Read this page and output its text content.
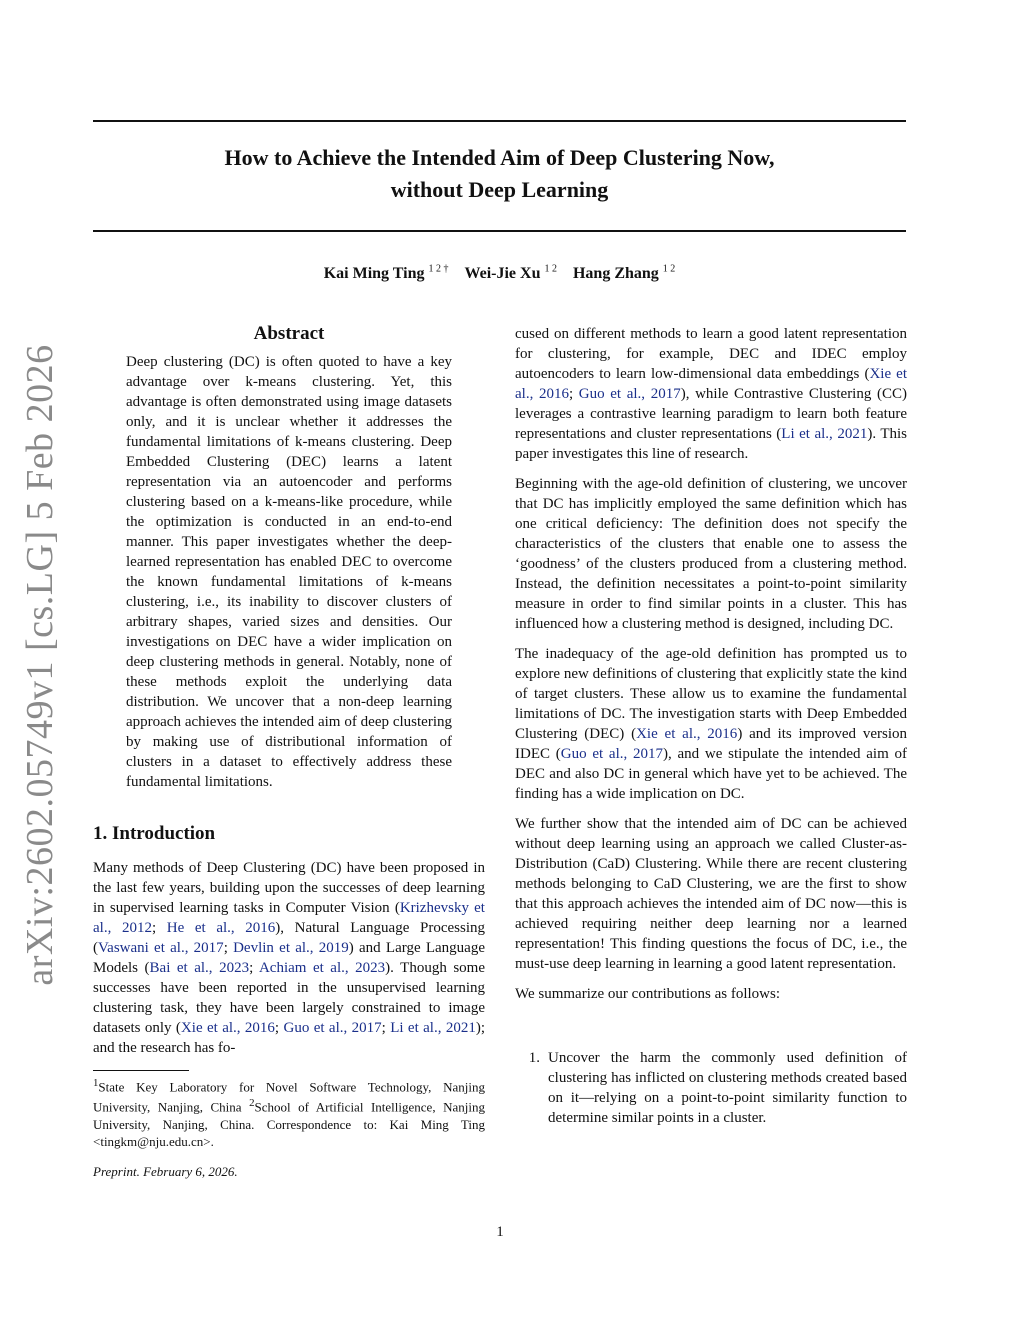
arXiv:2602.05749v1 [cs.LG] 5 Feb 2026
How to Achieve the Intended Aim of Deep Clustering Now,
without Deep Learning
Kai Ming Ting $^{1 2 \dagger}$ Wei-Jie Xu $^{1 2}$ Hang Zhang $^{1 2}$
Abstract

Deep clustering (DC) is often quoted to have a key advantage over k-means clustering. Yet, this advantage is often demonstrated using image datasets only, and it is unclear whether it addresses the fundamental limitations of k-means clustering. Deep Embedded Clustering (DEC) learns a latent representation via an autoencoder and performs clustering based on a k-means-like procedure, while the optimization is conducted in an end-to-end manner. This paper investigates whether the deep-learned representation has enabled DEC to overcome the known fundamental limitations of k-means clustering, i.e., its inability to discover clusters of arbitrary shapes, varied sizes and densities. Our investigations on DEC have a wider implication on deep clustering methods in general. Notably, none of these methods exploit the underlying data distribution. We uncover that a non-deep learning approach achieves the intended aim of deep clustering by making use of distributional information of clusters in a dataset to effectively address these fundamental limitations.

1. Introduction

Many methods of Deep Clustering (DC) have been proposed in the last few years, building upon the successes of deep learning in supervised learning tasks in Computer Vision (Krizhevsky et al., 2012; He et al., 2016), Natural Language Processing (Vaswani et al., 2017; Devlin et al., 2019) and Large Language Models (Bai et al., 2023; Achiam et al., 2023). Though some successes have been reported in the unsupervised learning clustering task, they have been largely constrained to image datasets only (Xie et al., 2016; Guo et al., 2017; Li et al., 2021); and the research has fo-

$^1$State Key Laboratory for Novel Software Technology, Nanjing University, Nanjing, China $^2$School of Artificial Intelligence, Nanjing University, Nanjing, China. Correspondence to: Kai Ming Ting <tingkm@nju.edu.cn>.

Preprint. February 6, 2026.

cused on different methods to learn a good latent representation for clustering, for example, DEC and IDEC employ autoencoders to learn low-dimensional data embeddings (Xie et al., 2016; Guo et al., 2017), while Contrastive Clustering (CC) leverages a contrastive learning paradigm to learn both feature representations and cluster representations (Li et al., 2021). This paper investigates this line of research.

Beginning with the age-old definition of clustering, we uncover that DC has implicitly employed the same definition which has one critical deficiency: The definition does not specify the characteristics of the clusters that enable one to assess the ‘goodness’ of the clusters produced from a clustering method. Instead, the definition necessitates a point-to-point similarity measure in order to find similar points in a cluster. This has influenced how a clustering method is designed, including DC.

The inadequacy of the age-old definition has prompted us to explore new definitions of clustering that explicitly state the kind of target clusters. These allow us to examine the fundamental limitations of DC. The investigation starts with Deep Embedded Clustering (DEC) (Xie et al., 2016) and its improved version IDEC (Guo et al., 2017), and we stipulate the intended aim of DEC and also DC in general which have yet to be achieved. The finding has a wide implication on DC.

We further show that the intended aim of DC can be achieved without deep learning using an approach we called Cluster-as-Distribution (CaD) Clustering. While there are recent clustering methods belonging to CaD Clustering, we are the first to show that this approach achieves the intended aim of DC now—this is achieved requiring neither deep learning nor a learned representation! This finding questions the focus of DC, i.e., the must-use deep learning in learning a good latent representation.

We summarize our contributions as follows:

1. Uncover the harm the commonly used definition of clustering has inflicted on clustering methods created based on it—relying on a point-to-point similarity function to determine similar points in a cluster.
1
